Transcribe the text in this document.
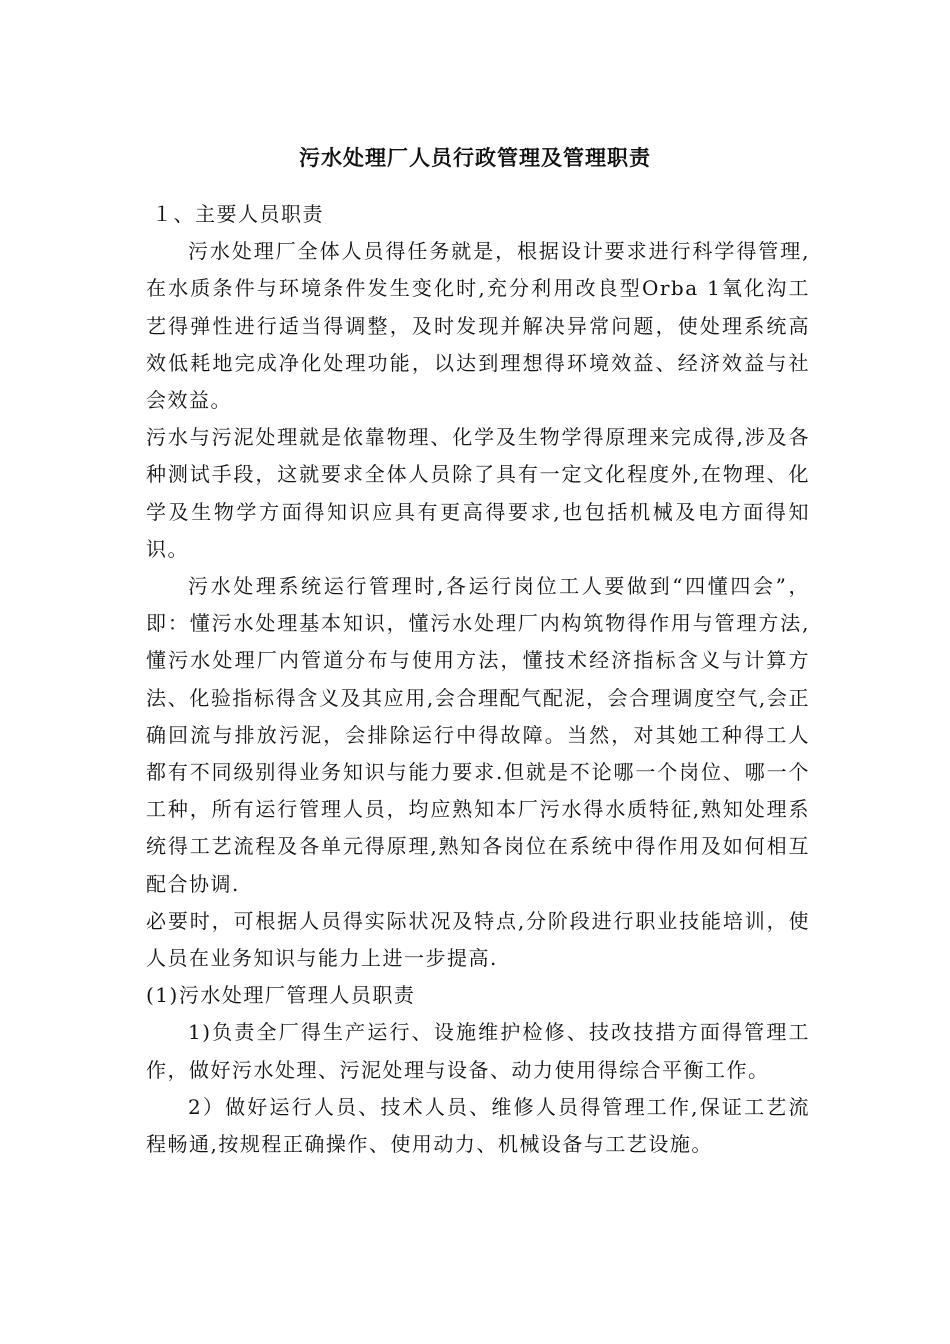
污水处理厂人员行政管理及管理职责

１、主要人员职责

污水处理厂全体人员得任务就是，根据设计要求进行科学得管理,在水质条件与环境条件发生变化时,充分利用改良型Orba 1氧化沟工艺得弹性进行适当得调整，及时发现并解决异常问题，使处理系统高效低耗地完成净化处理功能，以达到理想得环境效益、经济效益与社会效益。

污水与污泥处理就是依靠物理、化学及生物学得原理来完成得,涉及各种测试手段，这就要求全体人员除了具有一定文化程度外,在物理、化学及生物学方面得知识应具有更高得要求,也包括机械及电方面得知识。

污水处理系统运行管理时,各运行岗位工人要做到“四懂四会”，即：懂污水处理基本知识，懂污水处理厂内构筑物得作用与管理方法,懂污水处理厂内管道分布与使用方法，懂技术经济指标含义与计算方法、化验指标得含义及其应用,会合理配气配泥，会合理调度空气,会正确回流与排放污泥，会排除运行中得故障。当然，对其她工种得工人都有不同级别得业务知识与能力要求.但就是不论哪一个岗位、哪一个工种，所有运行管理人员，均应熟知本厂污水得水质特征,熟知处理系统得工艺流程及各单元得原理,熟知各岗位在系统中得作用及如何相互配合协调.

必要时，可根据人员得实际状况及特点,分阶段进行职业技能培训，使人员在业务知识与能力上进一步提高.

(1)污水处理厂管理人员职责

1)负责全厂得生产运行、设施维护检修、技改技措方面得管理工作，做好污水处理、污泥处理与设备、动力使用得综合平衡工作。

2）做好运行人员、技术人员、维修人员得管理工作,保证工艺流程畅通,按规程正确操作、使用动力、机械设备与工艺设施。
